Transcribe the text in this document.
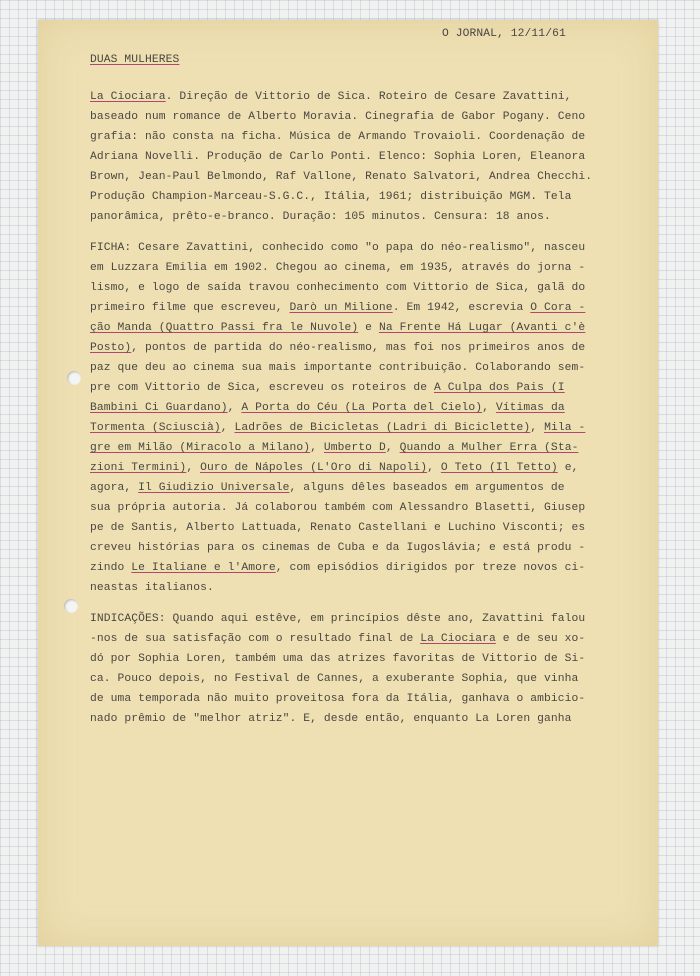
O JORNAL, 12/11/61
DUAS MULHERES
La Ciociara. Direção de Vittorio de Sica. Roteiro de Cesare Zavattini,
baseado num romance de Alberto Moravia. Cinegrafia de Gabor Pogany. Ceno
grafia: não consta na ficha. Música de Armando Trovaioli. Coordenação de
Adriana Novelli. Produção de Carlo Ponti. Elenco: Sophia Loren, Eleanora
Brown, Jean-Paul Belmondo, Raf Vallone, Renato Salvatori, Andrea Checchi.
Produção Champion-Marceau-S.G.C., Itália, 1961; distribuição MGM. Tela
panorâmica, prêto-e-branco. Duração: 105 minutos. Censura: 18 anos.
FICHA: Cesare Zavattini, conhecido como "o papa do néo-realismo", nasceu
em Luzzara Emilia em 1902. Chegou ao cinema, em 1935, através do jorna -
lismo, e logo de saída travou conhecimento com Vittorio de Sica, galã do
primeiro filme que escreveu, Darò un Milione. Em 1942, escrevia O Cora -
ção Manda (Quattro Passi fra le Nuvole) e Na Frente Há Lugar (Avanti c'è
Posto), pontos de partida do néo-realismo, mas foi nos primeiros anos de
paz que deu ao cinema sua mais importante contribuição. Colaborando sem-
pre com Vittorio de Sica, escreveu os roteiros de A Culpa dos Pais (I
Bambini Ci Guardano), A Porta do Céu (La Porta del Cielo), Vítimas da
Tormenta (Sciuscià), Ladrões de Bicicletas (Ladri di Biciclette), Mila -
gre em Milão (Miracolo a Milano), Umberto D, Quando a Mulher Erra (Sta-
zioni Termini), Ouro de Nápoles (L'Oro di Napoli), O Teto (Il Tetto) e,
agora, Il Giudizio Universale, alguns dêles baseados em argumentos de
sua própria autoria. Já colaborou também com Alessandro Blasetti, Giusep
pe de Santis, Alberto Lattuada, Renato Castellani e Luchino Visconti; es
creveu histórias para os cinemas de Cuba e da Iugoslávia; e está produ -
zindo Le Italiane e l'Amore, com episódios dirigidos por treze novos ci-
neastas italianos.
INDICAÇÕES: Quando aqui estêve, em princípios dêste ano, Zavattini falou
-nos de sua satisfação com o resultado final de La Ciociara e de seu xo-
dó por Sophia Loren, também uma das atrizes favoritas de Vittorio de Si-
ca. Pouco depois, no Festival de Cannes, a exuberante Sophia, que vinha
de uma temporada não muito proveitosa fora da Itália, ganhava o ambicio-
nado prêmio de "melhor atriz". E, desde então, enquanto La Loren ganha
